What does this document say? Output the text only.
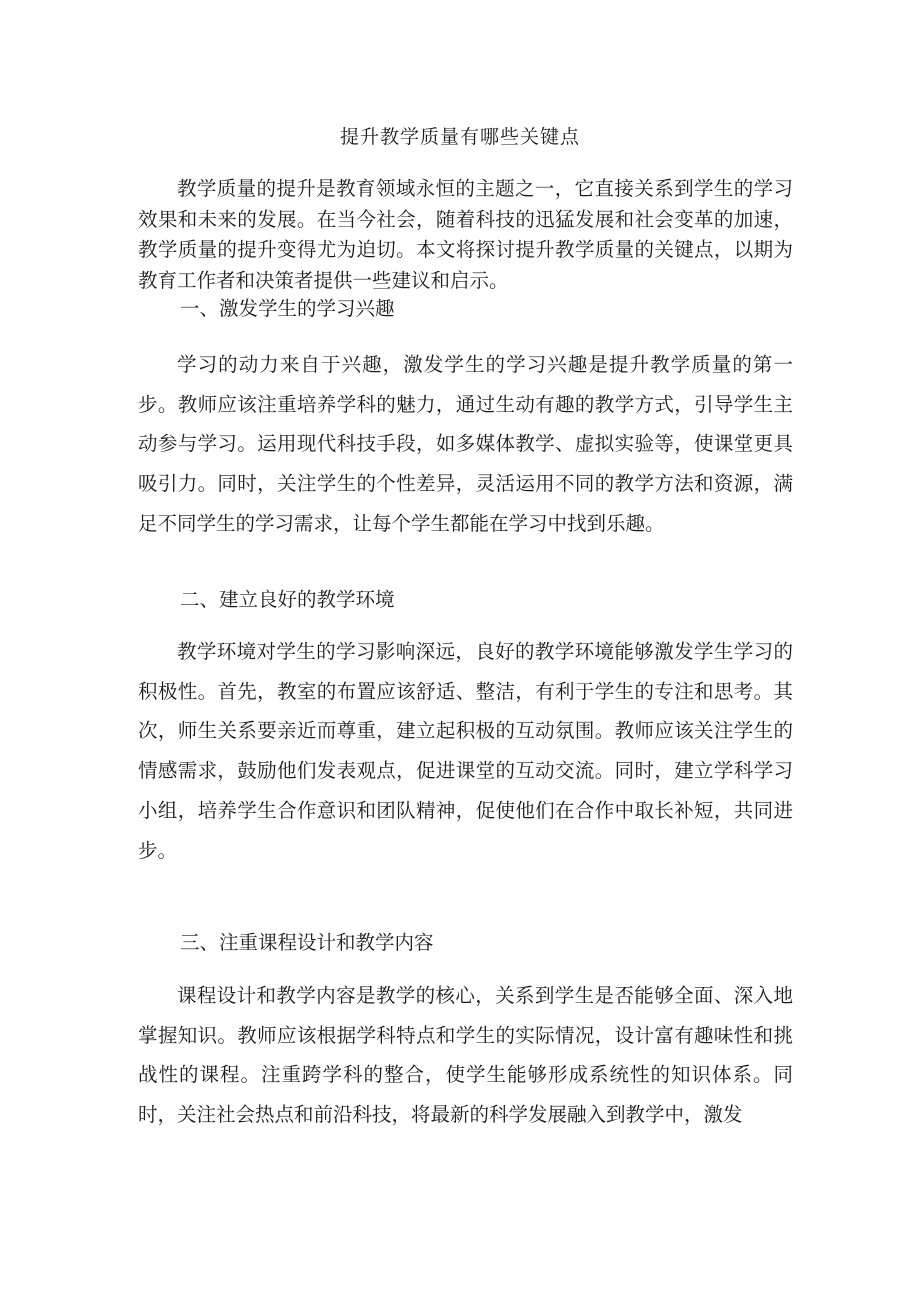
提升教学质量有哪些关键点

教学质量的提升是教育领域永恒的主题之一，它直接关系到学生的学习效果和未来的发展。在当今社会，随着科技的迅猛发展和社会变革的加速，教学质量的提升变得尤为迫切。本文将探讨提升教学质量的关键点，以期为教育工作者和决策者提供一些建议和启示。

一、激发学生的学习兴趣

学习的动力来自于兴趣，激发学生的学习兴趣是提升教学质量的第一步。教师应该注重培养学科的魅力，通过生动有趣的教学方式，引导学生主动参与学习。运用现代科技手段，如多媒体教学、虚拟实验等，使课堂更具吸引力。同时，关注学生的个性差异，灵活运用不同的教学方法和资源，满足不同学生的学习需求，让每个学生都能在学习中找到乐趣。

二、建立良好的教学环境

教学环境对学生的学习影响深远，良好的教学环境能够激发学生学习的积极性。首先，教室的布置应该舒适、整洁，有利于学生的专注和思考。其次，师生关系要亲近而尊重，建立起积极的互动氛围。教师应该关注学生的情感需求，鼓励他们发表观点，促进课堂的互动交流。同时，建立学科学习小组，培养学生合作意识和团队精神，促使他们在合作中取长补短，共同进步。

三、注重课程设计和教学内容

课程设计和教学内容是教学的核心，关系到学生是否能够全面、深入地掌握知识。教师应该根据学科特点和学生的实际情况，设计富有趣味性和挑战性的课程。注重跨学科的整合，使学生能够形成系统性的知识体系。同时，关注社会热点和前沿科技，将最新的科学发展融入到教学中，激发
